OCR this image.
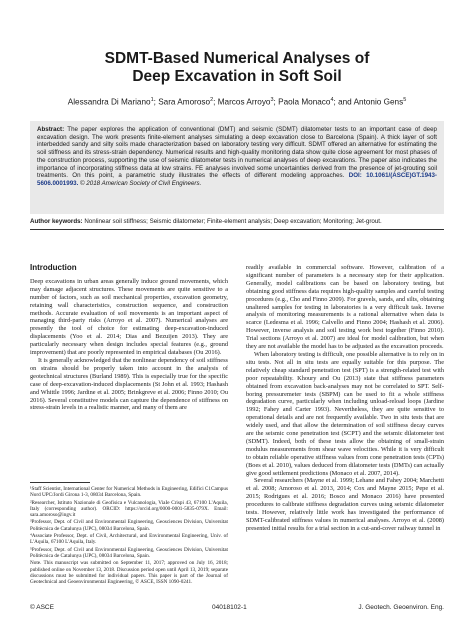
SDMT-Based Numerical Analyses of
Deep Excavation in Soft Soil
Alessandra Di Mariano$^1$; Sara Amoroso$^2$; Marcos Arroyo$^3$; Paola Monaco$^4$; and Antonio Gens$^5$
Abstract: The paper explores the application of conventional (DMT) and seismic (SDMT) dilatometer tests to an important case of deep excavation design. The work presents finite-element analyses simulating a deep excavation close to Barcelona (Spain). A thick layer of soft interbedded sandy and silty soils made characterization based on laboratory testing very difficult. SDMT offered an alternative for estimating the soil stiffness and its stress-strain dependency. Numerical results and high-quality monitoring data show quite close agreement for most phases of the construction process, supporting the use of seismic dilatometer tests in numerical analyses of deep excavations. The paper also indicates the importance of incorporating stiffness data at low strains. FE analyses involved some uncertainties derived from the presence of jet-grouting soil treatments. On this point, a parametric study illustrates the effects of different modeling approaches. DOI: 10.1061/(ASCE)GT.1943-5606.0001993. © 2018 American Society of Civil Engineers.
Author keywords: Nonlinear soil stiffness; Seismic dilatometer; Finite-element analysis; Deep excavation; Monitoring; Jet-grout.
Introduction

Deep excavations in urban areas generally induce ground movements, which may damage adjacent structures. These movements are quite sensitive to a number of factors, such as soil mechanical properties, excavation geometry, retaining wall characteristics, construction sequence, and construction methods. Accurate evaluation of soil movements is an important aspect of managing third-party risks (Arroyo et al. 2007). Numerical analyses are presently the tool of choice for estimating deep-excavation-induced displacements (Yoo et al. 2014; Dias and Bezuijen 2013). They are particularly necessary when design includes special features (e.g., ground improvement) that are poorly represented in empirical databases (Ou 2016).

It is generally acknowledged that the nonlinear dependency of soil stiffness on strains should be properly taken into account in the analysis of geotechnical structures (Burland 1989). This is especially true for the specific case of deep-excavation-induced displacements (St John et al. 1993; Hashash and Whittle 1996; Jardine et al. 2005; Brinkgreve et al. 2006; Finno 2010; Ou 2016). Several constitutive models can capture the dependence of stiffness on stress-strain levels in a realistic manner, and many of them are

¹Staff Scientist, International Center for Numerical Methods in Engineering, Edifici C1Campus Nord UPC/Jordi Girona 1-3, 08034 Barcelona, Spain.

²Researcher, Istituto Nazionale di Geofisica e Vulcanologia, ViaIe Crispi 43, 67100 L'Aquila, Italy (corresponding author). ORCID: https://orcid.org/0000-0001-5835-079X. Email: sara.amoroso@ingv.it

³Professor, Dept. of Civil and Environmental Engineering, Geosciences Division, Universitat Politècnica de Catalunya (UPC), 08034 Barcelona, Spain.

⁴Associate Professor, Dept. of Civil, Architectural, and Environmental Engineering, Univ. of L'Aquila, 67100 L'Aquila, Italy.

⁵Professor, Dept. of Civil and Environmental Engineering, Geosciences Division, Universitat Politècnica de Catalunya (UPC), 08034 Barcelona, Spain.

Note. This manuscript was submitted on September 11, 2017; approved on July 16, 2018; published online on November 13, 2018. Discussion period open until April 13, 2019; separate discussions must be submitted for individual papers. This paper is part of the Journal of Geotechnical and Geoenvironmental Engineering, © ASCE, ISSN 1090-0241.

readily available in commercial software. However, calibration of a significant number of parameters is a necessary step for their application. Generally, model calibrations can be based on laboratory testing, but obtaining good stiffness data requires high-quality samples and careful testing procedures (e.g., Cho and Finno 2009). For gravels, sands, and silts, obtaining unaltered samples for testing in laboratories is a very difficult task. Inverse analysis of monitoring measurements is a rational alternative when data is scarce (Ledesma et al. 1996; Calvello and Finno 2004; Hashash et al. 2006). However, inverse analysis and soil testing work best together (Finno 2010). Trial sections (Arroyo et al. 2007) are ideal for model calibration, but when they are not available the model has to be adjusted as the excavation proceeds.

When laboratory testing is difficult, one possible alternative is to rely on in situ tests. Not all in situ tests are equally suitable for this purpose. The relatively cheap standard penetration test (SPT) is a strength-related test with poor repeatability. Khoury and Ou (2013) state that stiffness parameters obtained from excavation back-analyses may not be correlated to SPT. Self-boring pressuremeter tests (SBPM) can be used to fit a whole stiffness degradation curve, particularly when including unload-reload loops (Jardine 1992; Fahey and Carter 1993). Nevertheless, they are quite sensitive to operational details and are not frequently available. Two in situ tests that are widely used, and that allow the determination of soil stiffness decay curves are the seismic cone penetration test (SCPT) and the seismic dilatometer test (SDMT). Indeed, both of these tests allow the obtaining of small-strain modulus measurements from shear wave velocities. While it is very difficult to obtain reliable operative stiffness values from cone penetration tests (CPTs) (Boes et al. 2010), values deduced from dilatometer tests (DMTs) can actually give good settlement predictions (Monaco et al. 2007, 2014).

Several researchers (Mayne et al. 1999; Lehane and Fahey 2004; Marchetti et al. 2008; Amoroso et al. 2013, 2014; Cox and Mayne 2015; Pepe et al. 2015; Rodrigues et al. 2016; Bosco and Monaco 2016) have presented procedures to calibrate stiffness degradation curves using seismic dilatometer tests. However, relatively little work has investigated the performance of SDMT-calibrated stiffness values in numerical analyses. Arroyo et al. (2008) presented initial results for a trial section in a cut-and-cover railway tunnel in

© ASCE	04018102-1	J. Geotech. Geoenviron. Eng.
